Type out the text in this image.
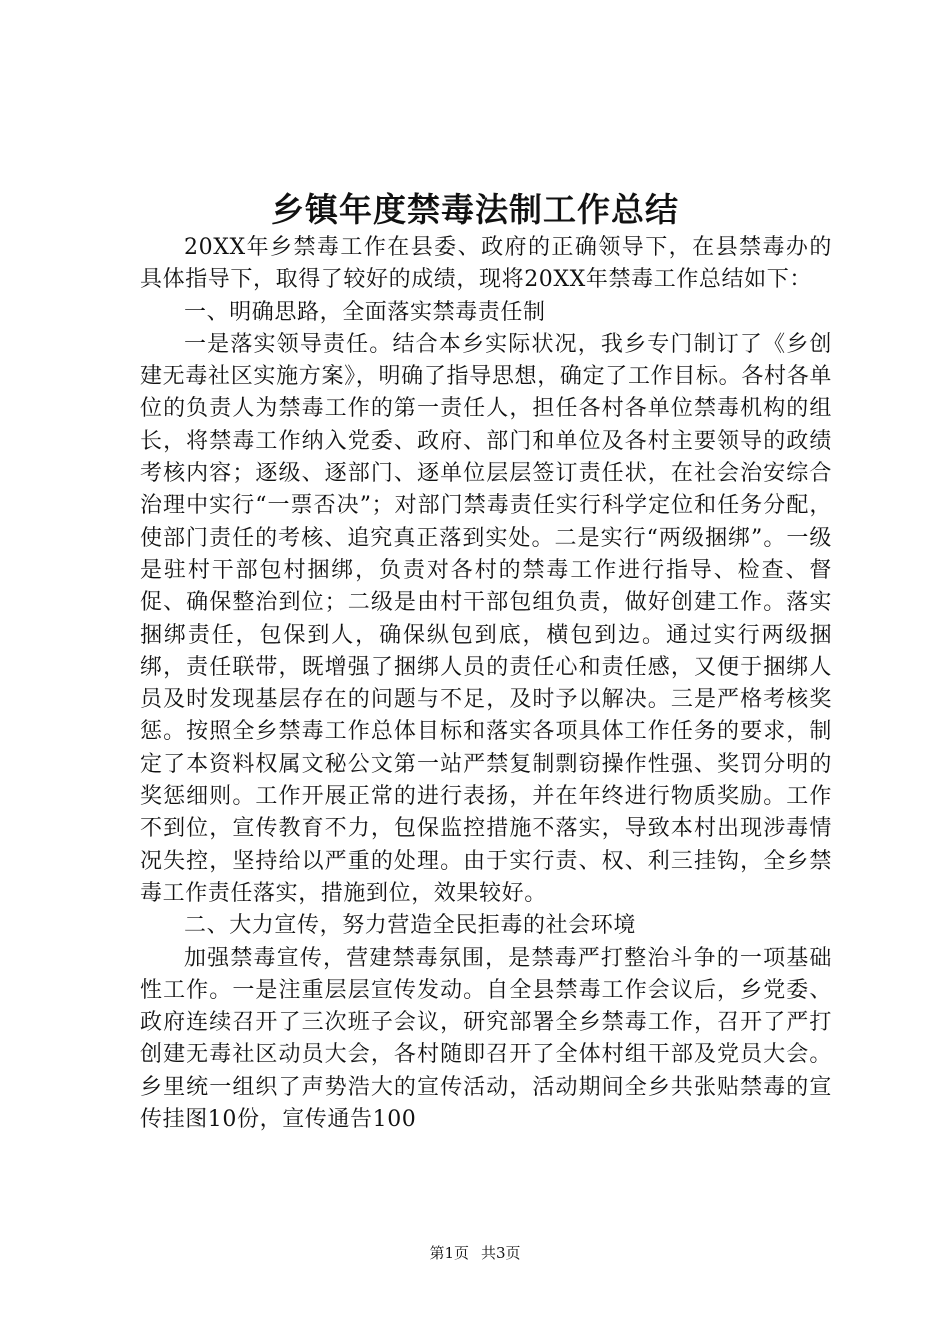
乡镇年度禁毒法制工作总结

20XX年乡禁毒工作在县委、政府的正确领导下，在县禁毒办的具体指导下，取得了较好的成绩，现将20XX年禁毒工作总结如下：

一、明确思路，全面落实禁毒责任制

一是落实领导责任。结合本乡实际状况，我乡专门制订了《乡创建无毒社区实施方案》，明确了指导思想，确定了工作目标。各村各单位的负责人为禁毒工作的第一责任人，担任各村各单位禁毒机构的组长，将禁毒工作纳入党委、政府、部门和单位及各村主要领导的政绩考核内容；逐级、逐部门、逐单位层层签订责任状，在社会治安综合治理中实行“一票否决”；对部门禁毒责任实行科学定位和任务分配，使部门责任的考核、追究真正落到实处。二是实行“两级捆绑”。一级是驻村干部包村捆绑，负责对各村的禁毒工作进行指导、检查、督促、确保整治到位；二级是由村干部包组负责，做好创建工作。落实捆绑责任，包保到人，确保纵包到底，横包到边。通过实行两级捆绑，责任联带，既增强了捆绑人员的责任心和责任感，又便于捆绑人员及时发现基层存在的问题与不足，及时予以解决。三是严格考核奖惩。按照全乡禁毒工作总体目标和落实各项具体工作任务的要求，制定了本资料权属文秘公文第一站严禁复制剽窃操作性强、奖罚分明的奖惩细则。工作开展正常的进行表扬，并在年终进行物质奖励。工作不到位，宣传教育不力，包保监控措施不落实，导致本村出现涉毒情况失控，坚持给以严重的处理。由于实行责、权、利三挂钩，全乡禁毒工作责任落实，措施到位，效果较好。

二、大力宣传，努力营造全民拒毒的社会环境

加强禁毒宣传，营建禁毒氛围，是禁毒严打整治斗争的一项基础性工作。一是注重层层宣传发动。自全县禁毒工作会议后，乡党委、政府连续召开了三次班子会议，研究部署全乡禁毒工作，召开了严打创建无毒社区动员大会，各村随即召开了全体村组干部及党员大会。乡里统一组织了声势浩大的宣传活动，活动期间全乡共张贴禁毒的宣传挂图10份，宣传通告100

第1页 共3页
